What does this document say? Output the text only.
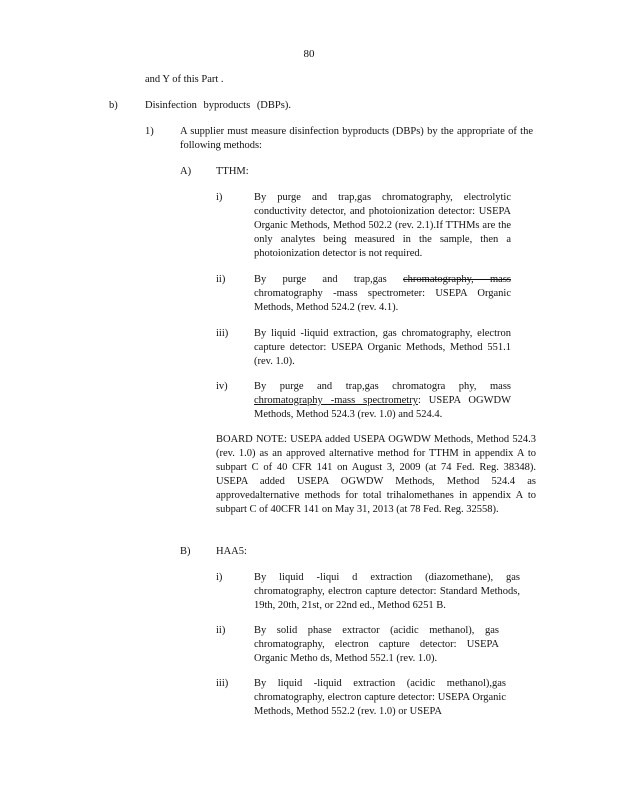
80
and Y of this Part .
b)	Disinfection byproducts (DBPs).
1)	A supplier must measure disinfection byproducts (DBPs) by the appropriate of the following methods:
A) TTHM:
i)	By purge and trap,gas chromatography, electrolytic conductivity detector, and photoionization detector: USEPA Organic Methods, Method 502.2 (rev. 2.1).If TTHMs are the only analytes being measured in the sample, then a photoionization detector is not required.
ii)	By purge and trap,gas chromatography, mass chromatography -mass spectrometer: USEPA Organic Methods, Method 524.2 (rev. 4.1).
iii) By liquid -liquid extraction, gas chromatography, electron capture detector: USEPA Organic Methods, Method 551.1 (rev. 1.0).
iv)	By purge and trap,gas chromatogra phy, mass chromatography -mass spectrometry: USEPA OGWDW Methods, Method 524.3 (rev. 1.0) and 524.4.
BOARD NOTE: USEPA added USEPA OGWDW Methods, Method 524.3 (rev. 1.0) as an approved alternative method for TTHM in appendix A to subpart C of 40 CFR 141 on August 3, 2009 (at 74 Fed. Reg. 38348). USEPA added USEPA OGWDW Methods, Method 524.4 as approvedalternative methods for total trihalomethanes in appendix A to subpart C of 40CFR 141 on May 31, 2013 (at 78 Fed. Reg. 32558).
B) HAA5:
i)	By liquid -liqui d extraction (diazomethane), gas chromatography, electron capture detector: Standard Methods, 19th, 20th, 21st, or 22nd ed., Method 6251 B.
ii)	By solid phase extractor (acidic methanol), gas chromatography, electron capture detector: USEPA Organic Metho ds, Method 552.1 (rev. 1.0).
iii) By liquid -liquid extraction (acidic methanol),gas chromatography, electron capture detector: USEPA Organic Methods, Method 552.2 (rev. 1.0) or USEPA
